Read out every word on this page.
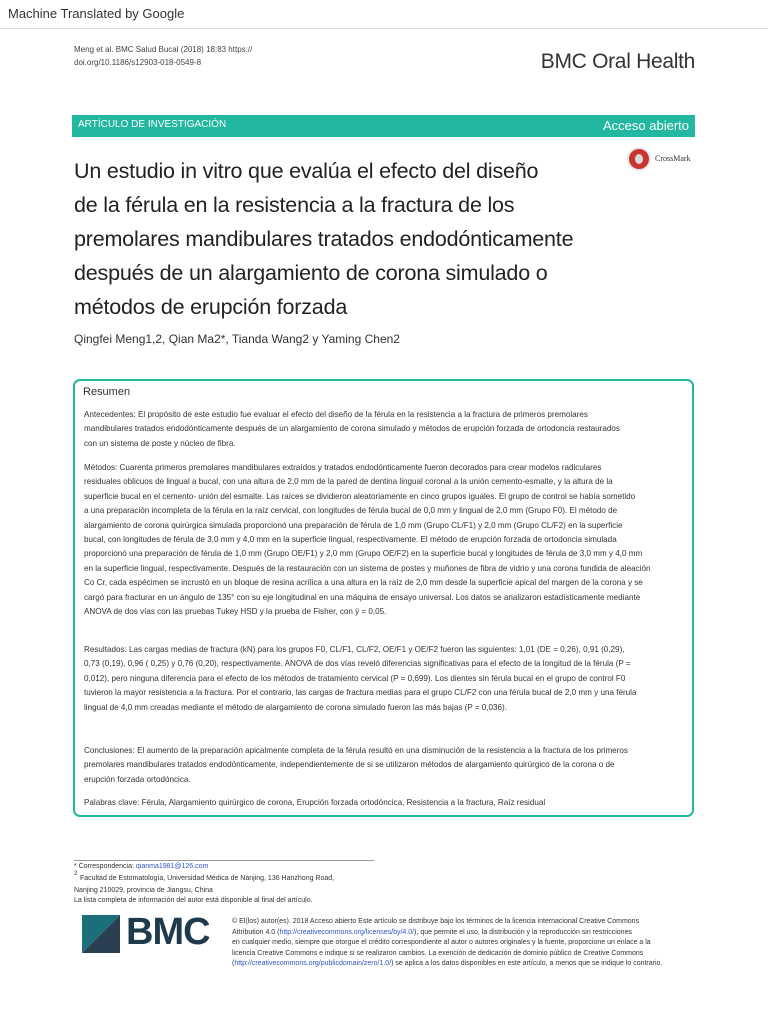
Machine Translated by Google
Meng et al. BMC Salud Bucal (2018) 18:83 https://
doi.org/10.1186/s12903-018-0549-8	BMC Oral Health
ARTÍCULO DE INVESTIGACIÓN	Acceso abierto
CrossMark
Un estudio in vitro que evalúa el efecto del diseño
de la férula en la resistencia a la fractura de los
premolares mandibulares tratados endodónticamente
después de un alargamiento de corona simulado o
métodos de erupción forzada
Qingfei Meng1,2, Qian Ma2*, Tianda Wang2 y Yaming Chen2
Resumen

Antecedentes: El propósito de este estudio fue evaluar el efecto del diseño de la férula en la resistencia a la fractura de primeros premolares
mandibulares tratados endodónticamente después de un alargamiento de corona simulado y métodos de erupción forzada de ortodoncia restaurados
con un sistema de poste y núcleo de fibra.

Métodos: Cuarenta primeros premolares mandibulares extraídos y tratados endodónticamente fueron decorados para crear modelos radiculares
residuales oblicuos de lingual a bucal, con una altura de 2,0 mm de la pared de dentina lingual coronal a la unión cemento-esmalte, y la altura de la
superficie bucal en el cemento- unión del esmalte. Las raíces se dividieron aleatoriamente en cinco grupos iguales. El grupo de control se había sometido
a una preparación incompleta de la férula en la raíz cervical, con longitudes de férula bucal de 0,0 mm y lingual de 2,0 mm (Grupo F0). El método de
alargamiento de corona quirúrgica simulada proporcionó una preparación de férula de 1,0 mm (Grupo CL/F1) y 2,0 mm (Grupo CL/F2) en la superficie
bucal, con longitudes de férula de 3,0 mm y 4,0 mm en la superficie lingual, respectivamente. El método de erupción forzada de ortodoncia simulada
proporcionó una preparación de férula de 1,0 mm (Grupo OE/F1) y 2,0 mm (Grupo OE/F2) en la superficie bucal y longitudes de férula de 3,0 mm y 4,0 mm
en la superficie lingual, respectivamente. Después de la restauración con un sistema de postes y muñones de fibra de vidrio y una corona fundida de aleación
Co Cr, cada espécimen se incrustó en un bloque de resina acrílica a una altura en la raíz de 2,0 mm desde la superficie apical del margen de la corona y se
cargó para fracturar en un ángulo de 135° con su eje longitudinal en una máquina de ensayo universal. Los datos se analizaron estadísticamente mediante
ANOVA de dos vías con las pruebas Tukey HSD y la prueba de Fisher, con ÿ = 0,05.

Resultados: Las cargas medias de fractura (kN) para los grupos F0, CL/F1, CL/F2, OE/F1 y OE/F2 fueron las siguientes: 1,01 (DE = 0,26), 0,91 (0,29),
0,73 (0,19), 0,96 ( 0,25) y 0,76 (0,20), respectivamente. ANOVA de dos vías reveló diferencias significativas para el efecto de la longitud de la férula (P =
0,012), pero ninguna diferencia para el efecto de los métodos de tratamiento cervical (P = 0,699). Los dientes sin férula bucal en el grupo de control F0
tuvieron la mayor resistencia a la fractura. Por el contrario, las cargas de fractura medias para el grupo CL/F2 con una férula bucal de 2,0 mm y una férula
lingual de 4,0 mm creadas mediante el método de alargamiento de corona simulado fueron las más bajas (P = 0,036).

Conclusiones: El aumento de la preparación apicalmente completa de la férula resultó en una disminución de la resistencia a la fractura de los primeros
premolares mandibulares tratados endodónticamente, independientemente de si se utilizaron métodos de alargamiento quirúrgico de la corona o de
erupción forzada ortodóncica.

Palabras clave: Férula, Alargamiento quirúrgico de corona, Erupción forzada ortodóncica, Resistencia a la fractura, Raíz residual

* Correspondencia: qianma1981@126.com
2
Facultad de Estomatología, Universidad Médica de Nanjing, 136 Hanzhong Road,
Nanjing 210029, provincia de Jiangsu, China
La lista completa de información del autor está disponible al final del artículo.
BMC	© El(los) autor(es). 2018 Acceso abierto Este artículo se distribuye bajo los términos de la licencia internacional Creative Commons
Attribution 4.0 (http://creativecommons.org/licenses/by/4.0/), que permite el uso, la distribución y la reproducción sin restricciones
en cualquier medio, siempre que otorgue el crédito correspondiente al autor o autores originales y la fuente, proporcione un enlace a la
licencia Creative Commons e indique si se realizaron cambios. La exención de dedicación de dominio público de Creative Commons
(http://creativecommons.org/publicdomain/zero/1.0/) se aplica a los datos disponibles en este artículo, a menos que se indique lo contrario.
